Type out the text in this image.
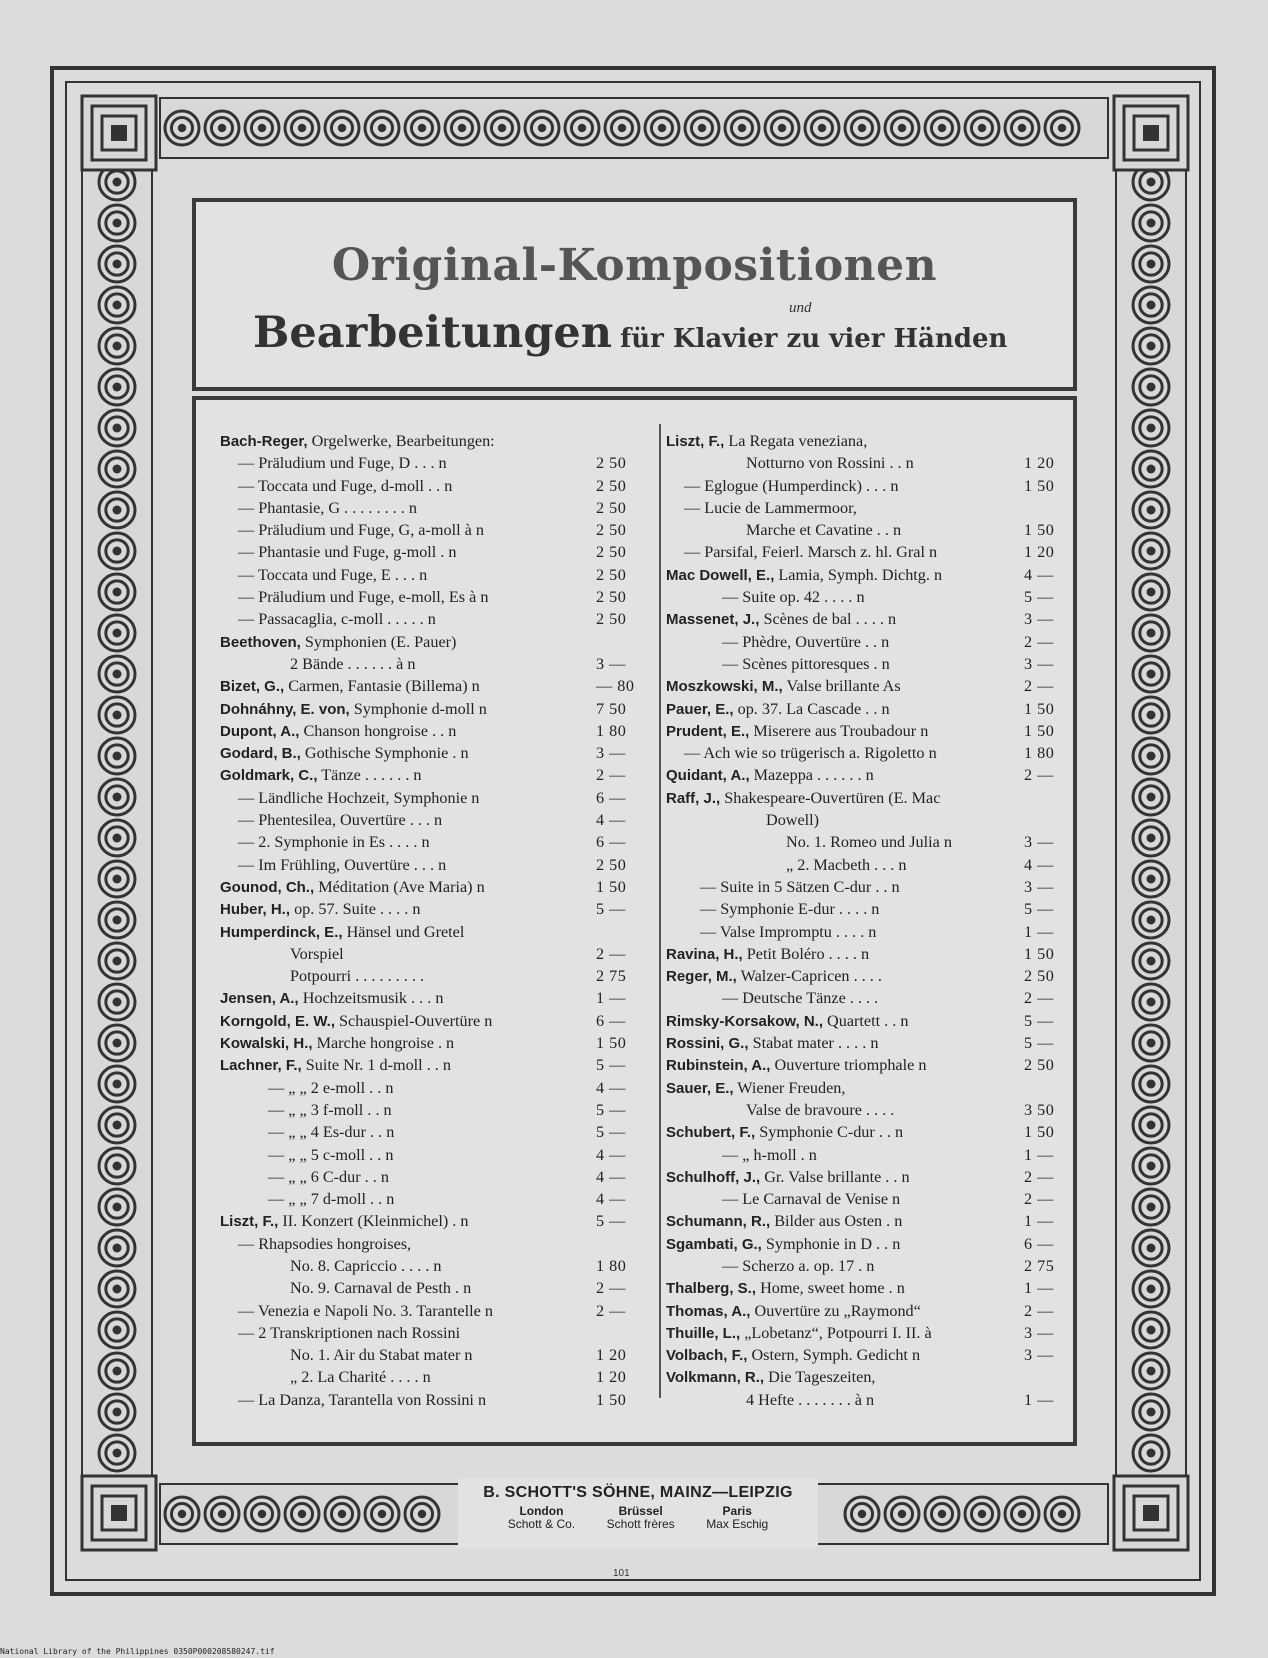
Original-Kompositionen
und
Bearbeitungen für Klavier zu vier Händen
Bach-Reger, Orgelwerke, Bearbeitungen:
— Präludium und Fuge, D . . . n	2 50
— Toccata und Fuge, d-moll . . n	2 50
— Phantasie, G . . . . . . . . n	2 50
— Präludium und Fuge, G, a-moll à n	2 50
— Phantasie und Fuge, g-moll . n	2 50
— Toccata und Fuge, E . . . n	2 50
— Präludium und Fuge, e-moll, Es à n	2 50
— Passacaglia, c-moll . . . . . n	2 50
Beethoven, Symphonien (E. Pauer)
2 Bände . . . . . . à n	3 —
Bizet, G., Carmen, Fantasie (Billema) n	— 80
Dohnáhny, E. von, Symphonie d-moll n	7 50
Dupont, A., Chanson hongroise . . n	1 80
Godard, B., Gothische Symphonie . n	3 —
Goldmark, C., Tänze . . . . . . n	2 —
— Ländliche Hochzeit, Symphonie n	6 —
— Phentesilea, Ouvertüre . . . n	4 —
— 2. Symphonie in Es . . . . n	6 —
— Im Frühling, Ouvertüre . . . n	2 50
Gounod, Ch., Méditation (Ave Maria) n	1 50
Huber, H., op. 57. Suite . . . . n	5 —
Humperdinck, E., Hänsel und Gretel
Vorspiel	2 —
Potpourri . . . . . . . . .	2 75
Jensen, A., Hochzeitsmusik . . . n	1 —
Korngold, E. W., Schauspiel-Ouvertüre n	6 —
Kowalski, H., Marche hongroise . n	1 50
Lachner, F., Suite Nr. 1 d-moll . . n	5 —
— „ „ 2 e-moll . . n	4 —
— „ „ 3 f-moll . . n	5 —
— „ „ 4 Es-dur . . n	5 —
— „ „ 5 c-moll . . n	4 —
— „ „ 6 C-dur . . n	4 —
— „ „ 7 d-moll . . n	4 —
Liszt, F., II. Konzert (Kleinmichel) . n	5 —
— Rhapsodies hongroises,
No. 8. Capriccio . . . . n	1 80
No. 9. Carnaval de Pesth . n	2 —
— Venezia e Napoli No. 3. Tarantelle n	2 —
— 2 Transkriptionen nach Rossini
No. 1. Air du Stabat mater n	1 20
„ 2. La Charité . . . . n	1 20
— La Danza, Tarantella von Rossini n	1 50
Liszt, F., La Regata veneziana,
Notturno von Rossini . . n	1 20
— Eglogue (Humperdinck) . . . n	1 50
— Lucie de Lammermoor,
Marche et Cavatine . . n	1 50
— Parsifal, Feierl. Marsch z. hl. Gral n	1 20
Mac Dowell, E., Lamia, Symph. Dichtg. n	4 —
— Suite op. 42 . . . . n	5 —
Massenet, J., Scènes de bal . . . . n	3 —
— Phèdre, Ouvertüre . . n	2 —
— Scènes pittoresques . n	3 —
Moszkowski, M., Valse brillante As	2 —
Pauer, E., op. 37. La Cascade . . n	1 50
Prudent, E., Miserere aus Troubadour n	1 50
— Ach wie so trügerisch a. Rigoletto n	1 80
Quidant, A., Mazeppa . . . . . . n	2 —
Raff, J., Shakespeare-Ouvertüren (E. Mac
Dowell)
No. 1. Romeo und Julia n	3 —
„ 2. Macbeth . . . n	4 —
— Suite in 5 Sätzen C-dur . . n	3 —
— Symphonie E-dur . . . . n	5 —
— Valse Impromptu . . . . n	1 —
Ravina, H., Petit Boléro . . . . n	1 50
Reger, M., Walzer-Capricen . . . .	2 50
— Deutsche Tänze . . . .	2 —
Rimsky-Korsakow, N., Quartett . . n	5 —
Rossini, G., Stabat mater . . . . n	5 —
Rubinstein, A., Ouverture triomphale n	2 50
Sauer, E., Wiener Freuden,
Valse de bravoure . . . .	3 50
Schubert, F., Symphonie C-dur . . n	1 50
— „ h-moll . n	1 —
Schulhoff, J., Gr. Valse brillante . . n	2 —
— Le Carnaval de Venise n	2 —
Schumann, R., Bilder aus Osten . n	1 —
Sgambati, G., Symphonie in D . . n	6 —
— Scherzo a. op. 17 . n	2 75
Thalberg, S., Home, sweet home . n	1 —
Thomas, A., Ouvertüre zu „Raymond“	2 —
Thuille, L., „Lobetanz“, Potpourri I. II. à	3 —
Volbach, F., Ostern, Symph. Gedicht n	3 —
Volkmann, R., Die Tageszeiten,
4 Hefte . . . . . . . à n	1 —
B. SCHOTT'S SÖHNE, MAINZ—LEIPZIG
London
Schott & Co.
Brüssel
Schott frères
Paris
Max Eschig
101
National Library of the Philippines 0350P000208580247.tif
